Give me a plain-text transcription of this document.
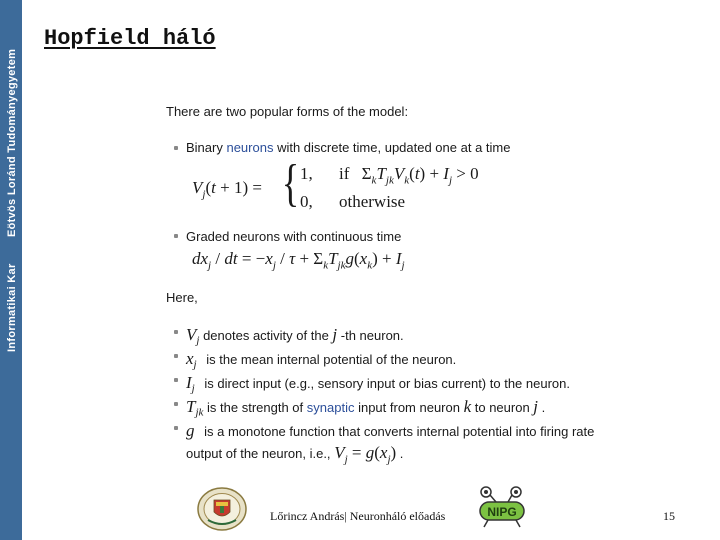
Eötvös Loránd Tudományegyetem
Informatikai Kar
Hopfield háló
There are two popular forms of the model:
Binary neurons with discrete time, updated one at a time
$V_j(t + 1)$ = { 1, if $\Sigma_kT_{jk}V_k(t) + I_j > 0$
0, otherwise
Graded neurons with continuous time
$dx_j$ / dt = $-x_j / \tau + \Sigma_kT_{jk}g(x_k) + I_j$
Here,
$V_j$ denotes activity of the j -th neuron.
$x_j$ is the mean internal potential of the neuron.
$I_j$ is direct input (e.g., sensory input or bias current) to the neuron.
$T_{jk}$ is the strength of synaptic input from neuron k to neuron j .
g is a monotone function that converts internal potential into firing rate
output of the neuron, i.e., $V_j = g(x_j)$ .
Lőrincz András| Neuronháló előadás	NIPG	15
